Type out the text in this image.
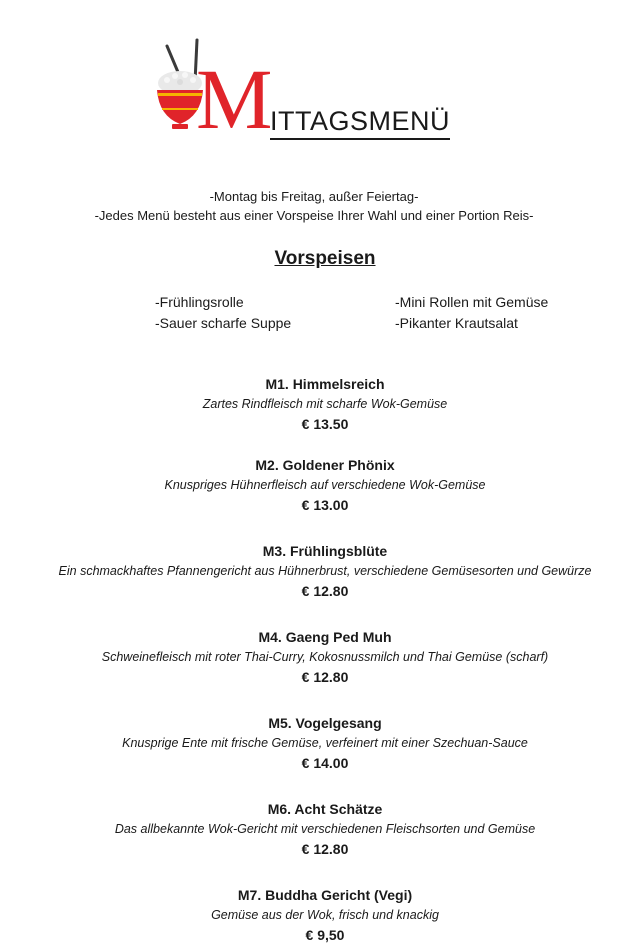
M ITTAGSMENÜ
-Montag bis Freitag, außer Feiertag-
-Jedes Menü besteht aus einer Vorspeise Ihrer Wahl und einer Portion Reis-
Vorspeisen
-Frühlingsrolle
-Sauer scharfe Suppe
-Mini Rollen mit Gemüse
-Pikanter Krautsalat
M1. Himmelsreich
Zartes Rindfleisch mit scharfe Wok-Gemüse
€ 13.50
M2. Goldener Phönix
Knuspriges Hühnerfleisch auf verschiedene Wok-Gemüse
€ 13.00
M3. Frühlingsblüte
Ein schmackhaftes Pfannengericht aus Hühnerbrust, verschiedene Gemüsesorten und Gewürze
€ 12.80
M4. Gaeng Ped Muh
Schweinefleisch mit roter Thai-Curry, Kokosnussmilch und Thai Gemüse (scharf)
€ 12.80
M5. Vogelgesang
Knusprige Ente mit frische Gemüse, verfeinert mit einer Szechuan-Sauce
€ 14.00
M6. Acht Schätze
Das allbekannte Wok-Gericht mit verschiedenen Fleischsorten und Gemüse
€ 12.80
M7. Buddha Gericht (Vegi)
Gemüse aus der Wok, frisch und knackig
€ 9,50
